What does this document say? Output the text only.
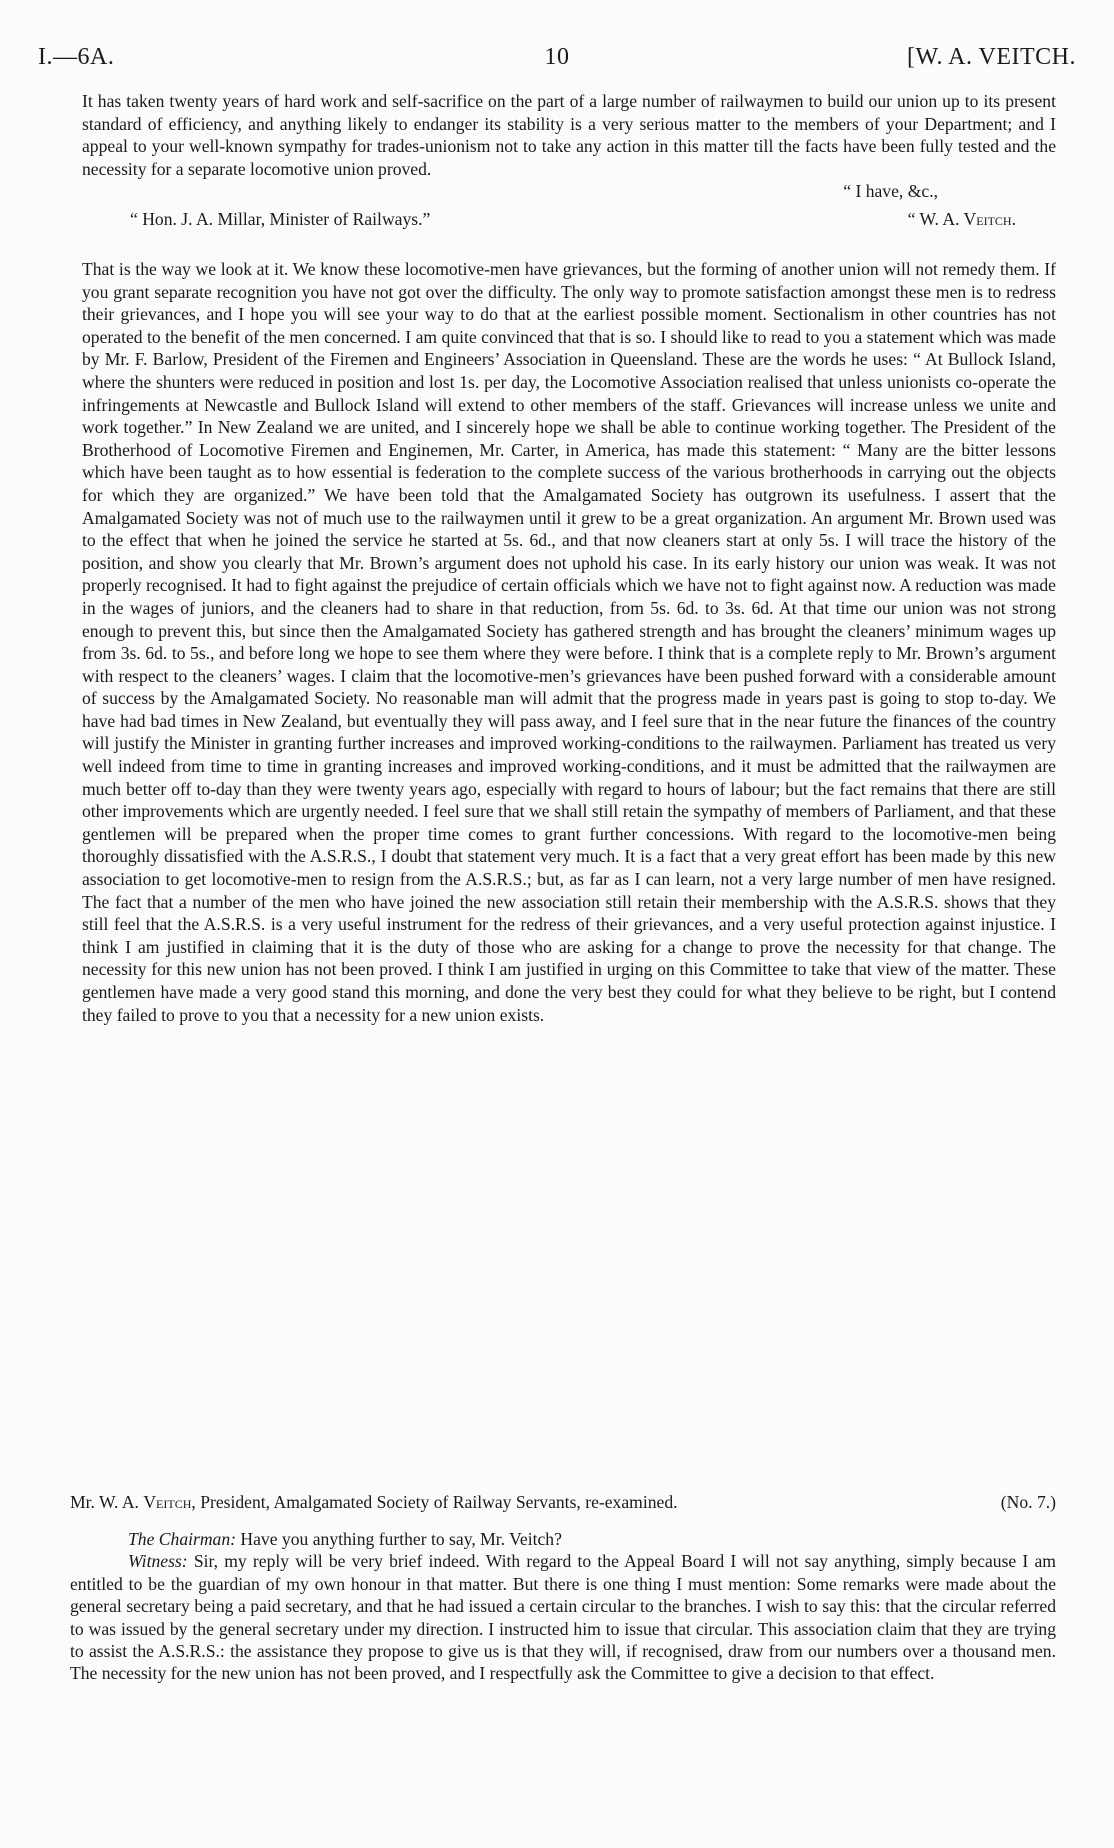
I.—6A.	10	[W. A. VEITCH.

It has taken twenty years of hard work and self-sacrifice on the part of a large number of railwaymen to build our union up to its present standard of efficiency, and anything likely to endanger its stability is a very serious matter to the members of your Department; and I appeal to your well-known sympathy for trades-unionism not to take any action in this matter till the facts have been fully tested and the necessity for a separate locomotive union proved.

“ I have, &c.,
“ Hon. J. A. Millar, Minister of Railways.”	“ W. A. Veitch.

That is the way we look at it. We know these locomotive-men have grievances, but the forming of another union will not remedy them. If you grant separate recognition you have not got over the difficulty. The only way to promote satisfaction amongst these men is to redress their grievances, and I hope you will see your way to do that at the earliest possible moment. Sectionalism in other countries has not operated to the benefit of the men concerned. I am quite convinced that that is so. I should like to read to you a statement which was made by Mr. F. Barlow, President of the Firemen and Engineers’ Association in Queensland. These are the words he uses: “ At Bullock Island, where the shunters were reduced in position and lost 1s. per day, the Locomotive Association realised that unless unionists co-operate the infringements at Newcastle and Bullock Island will extend to other members of the staff. Grievances will increase unless we unite and work together.” In New Zealand we are united, and I sincerely hope we shall be able to continue working together. The President of the Brotherhood of Locomotive Firemen and Enginemen, Mr. Carter, in America, has made this statement: “ Many are the bitter lessons which have been taught as to how essential is federation to the complete success of the various brotherhoods in carrying out the objects for which they are organized.” We have been told that the Amalgamated Society has outgrown its usefulness. I assert that the Amalgamated Society was not of much use to the railwaymen until it grew to be a great organization. An argument Mr. Brown used was to the effect that when he joined the service he started at 5s. 6d., and that now cleaners start at only 5s. I will trace the history of the position, and show you clearly that Mr. Brown’s argument does not uphold his case. In its early history our union was weak. It was not properly recognised. It had to fight against the prejudice of certain officials which we have not to fight against now. A reduction was made in the wages of juniors, and the cleaners had to share in that reduction, from 5s. 6d. to 3s. 6d. At that time our union was not strong enough to prevent this, but since then the Amalgamated Society has gathered strength and has brought the cleaners’ minimum wages up from 3s. 6d. to 5s., and before long we hope to see them where they were before. I think that is a complete reply to Mr. Brown’s argument with respect to the cleaners’ wages. I claim that the locomotive-men’s grievances have been pushed forward with a considerable amount of success by the Amalgamated Society. No reasonable man will admit that the progress made in years past is going to stop to-day. We have had bad times in New Zealand, but eventually they will pass away, and I feel sure that in the near future the finances of the country will justify the Minister in granting further increases and improved working-conditions to the railwaymen. Parliament has treated us very well indeed from time to time in granting increases and improved working-conditions, and it must be admitted that the railwaymen are much better off to-day than they were twenty years ago, especially with regard to hours of labour; but the fact remains that there are still other improvements which are urgently needed. I feel sure that we shall still retain the sympathy of members of Parliament, and that these gentlemen will be prepared when the proper time comes to grant further concessions. With regard to the locomotive-men being thoroughly dissatisfied with the A.S.R.S., I doubt that statement very much. It is a fact that a very great effort has been made by this new association to get locomotive-men to resign from the A.S.R.S.; but, as far as I can learn, not a very large number of men have resigned. The fact that a number of the men who have joined the new association still retain their membership with the A.S.R.S. shows that they still feel that the A.S.R.S. is a very useful instrument for the redress of their grievances, and a very useful protection against injustice. I think I am justified in claiming that it is the duty of those who are asking for a change to prove the necessity for that change. The necessity for this new union has not been proved. I think I am justified in urging on this Committee to take that view of the matter. These gentlemen have made a very good stand this morning, and done the very best they could for what they believe to be right, but I contend they failed to prove to you that a necessity for a new union exists.

Mr. W. A. Veitch, President, Amalgamated Society of Railway Servants, re-examined.	(No. 7.)

The Chairman: Have you anything further to say, Mr. Veitch?

Witness: Sir, my reply will be very brief indeed. With regard to the Appeal Board I will not say anything, simply because I am entitled to be the guardian of my own honour in that matter. But there is one thing I must mention: Some remarks were made about the general secretary being a paid secretary, and that he had issued a certain circular to the branches. I wish to say this: that the circular referred to was issued by the general secretary under my direction. I instructed him to issue that circular. This association claim that they are trying to assist the A.S.R.S.: the assistance they propose to give us is that they will, if recognised, draw from our numbers over a thousand men. The necessity for the new union has not been proved, and I respectfully ask the Committee to give a decision to that effect.
